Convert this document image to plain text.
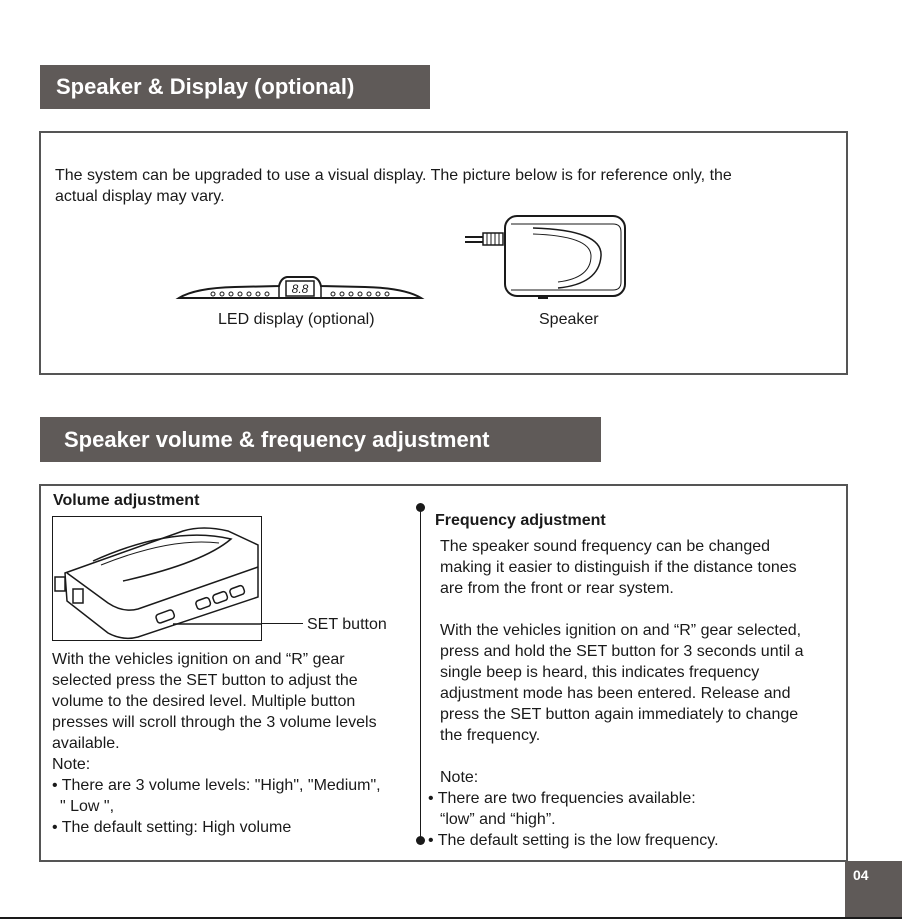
Speaker & Display (optional)
The system can be upgraded to use a visual display. The picture below is for reference only, the
actual display may vary.
8.8
LED display (optional)	Speaker
Speaker volume & frequency adjustment
Volume adjustment
SET button
With the vehicles ignition on and “R” gear
selected press the SET button to adjust the
volume to the desired level. Multiple button
presses will scroll through the 3 volume levels
available.
Note:
• There are 3 volume levels: "High", "Medium",
" Low ",
• The default setting: High volume
Frequency adjustment
The speaker sound frequency can be changed
making it easier to distinguish if the distance tones
are from the front or rear system.
With the vehicles ignition on and “R” gear selected,
press and hold the SET button for 3 seconds until a
single beep is heard, this indicates frequency
adjustment mode has been entered. Release and
press the SET button again immediately to change
the frequency.
Note:
• There are two frequencies available:
“low” and “high”.
• The default setting is the low frequency.
04
